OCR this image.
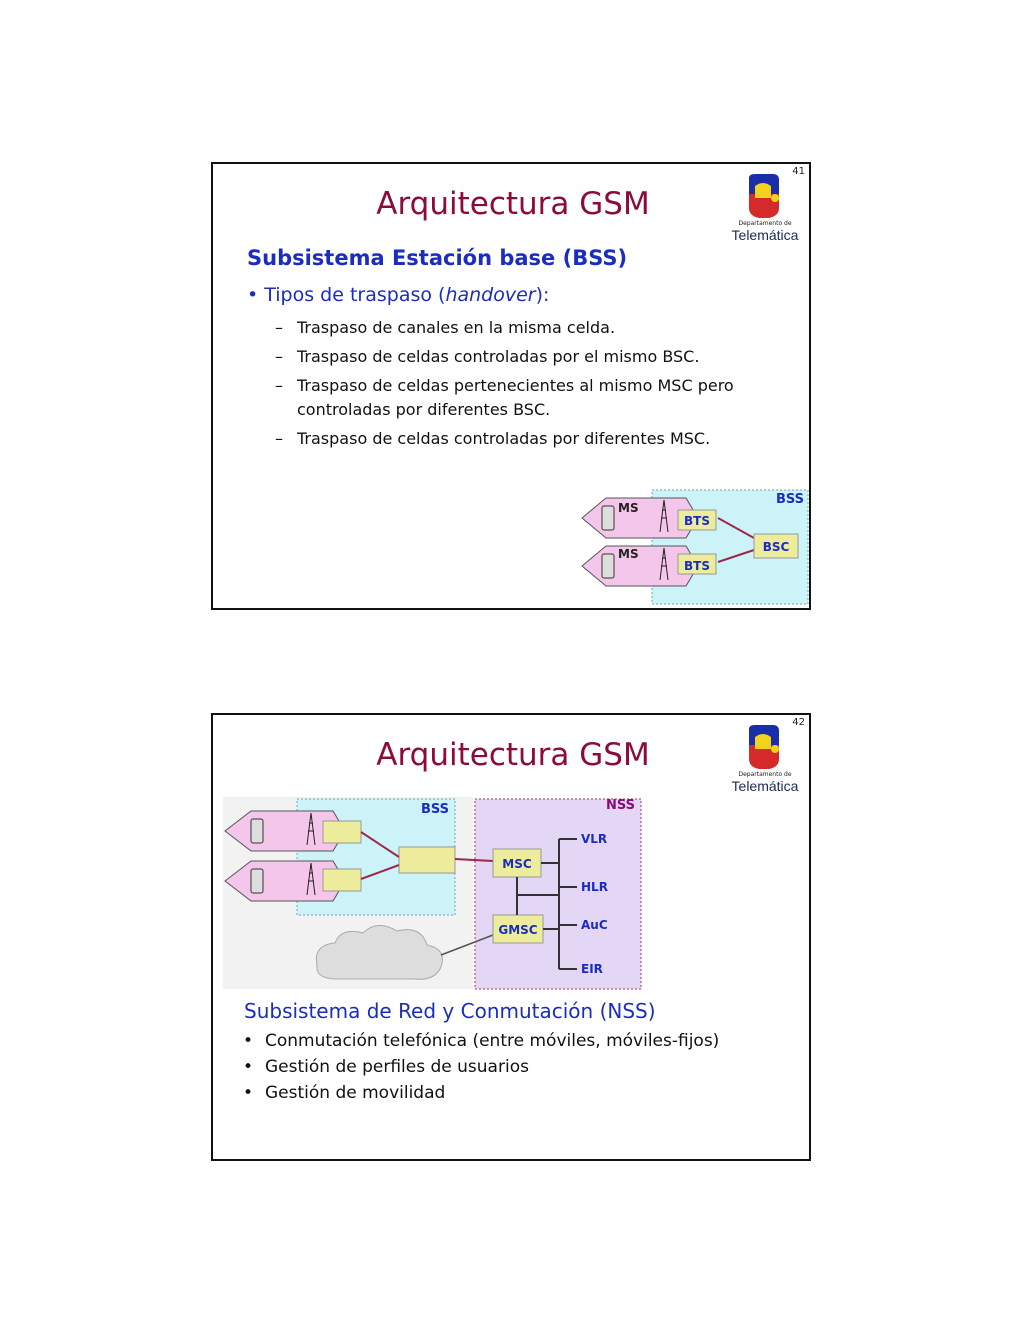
41
Arquitectura GSM
Departamento de
Telemática
Subsistema Estación base (BSS)
• Tipos de traspaso (handover):
– Traspaso de canales en la misma celda.
– Traspaso de celdas controladas por el mismo BSC.
– Traspaso de celdas pertenecientes al mismo MSC pero controladas por diferentes BSC.
– Traspaso de celdas controladas por diferentes MSC.
BSS
MS
MS
BTS
BTS
BSC
42
Arquitectura GSM
Departamento de
Telemática
BSS	NSS
MSC
GMSC
VLR
HLR
AuC
EIR
Subsistema de Red y Conmutación (NSS)
• Conmutación telefónica (entre móviles, móviles-fijos)
• Gestión de perfiles de usuarios
• Gestión de movilidad
